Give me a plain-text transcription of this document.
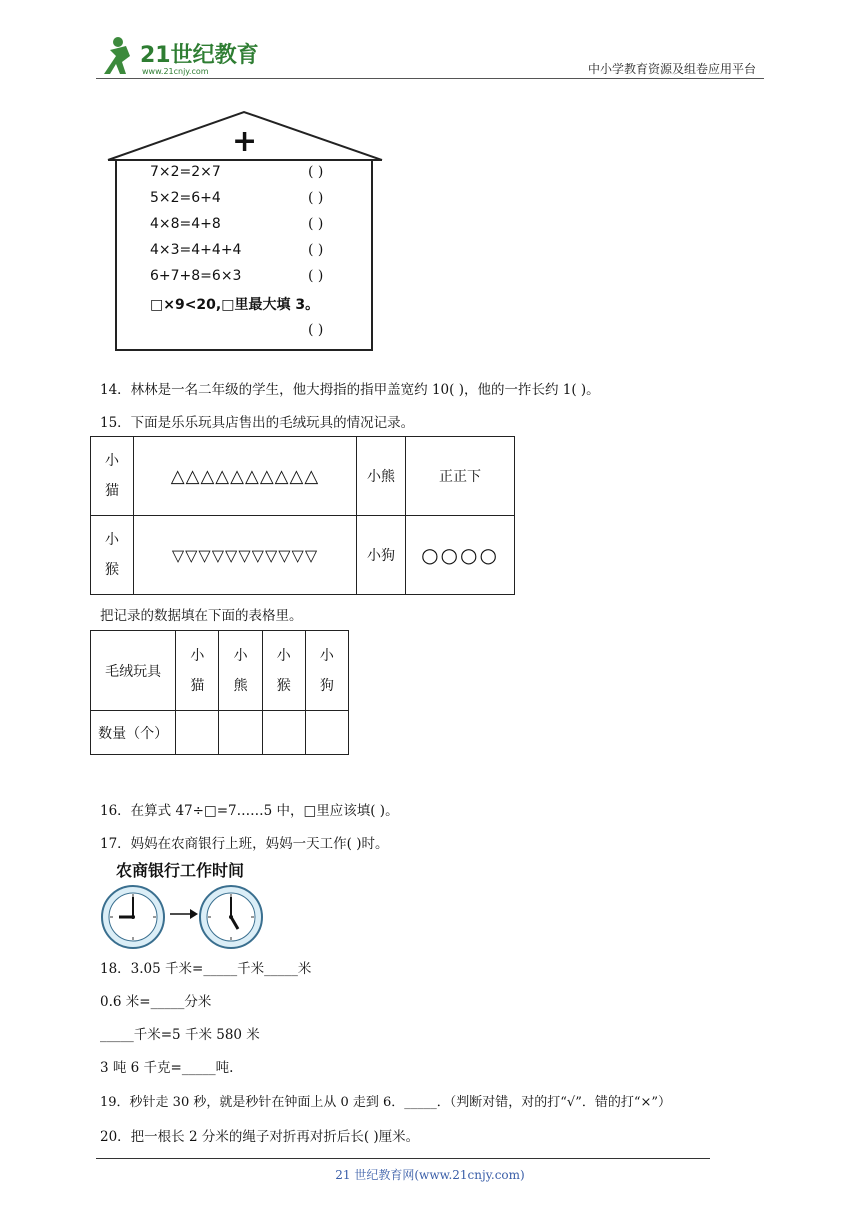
21世纪教育
www.21cnjy.com	中小学教育资源及组卷应用平台
+
7×2=2×7	( )
5×2=6+4	( )
4×8=4+8	( )
4×3=4+4+4	( )
6+7+8=6×3	( )
□×9<20,□里最大填 3。
( )
14．林林是一名二年级的学生，他大拇指的指甲盖宽约 10( )，他的一拃长约 1( )。
15．下面是乐乐玩具店售出的毛绒玩具的情况记录。
小猫	△△△△△△△△△△	小熊	正正下
小猴	▽▽▽▽▽▽▽▽▽▽▽	小狗	○○○○
把记录的数据填在下面的表格里。
毛绒玩具	小猫	小熊	小猴	小狗
数量（个）				
16．在算式 47÷□=7……5 中，□里应该填( )。
17．妈妈在农商银行上班，妈妈一天工作( )时。
农商银行工作时间
18．3.05 千米=_____千米_____米
0.6 米=_____分米
_____千米=5 千米 580 米
3 吨 6 千克=_____吨.
19．秒针走 30 秒，就是秒针在钟面上从 0 走到 6．_____．（判断对错，对的打“√”．错的打“×”）
20．把一根长 2 分米的绳子对折再对折后长( )厘米。
21 世纪教育网(www.21cnjy.com)
